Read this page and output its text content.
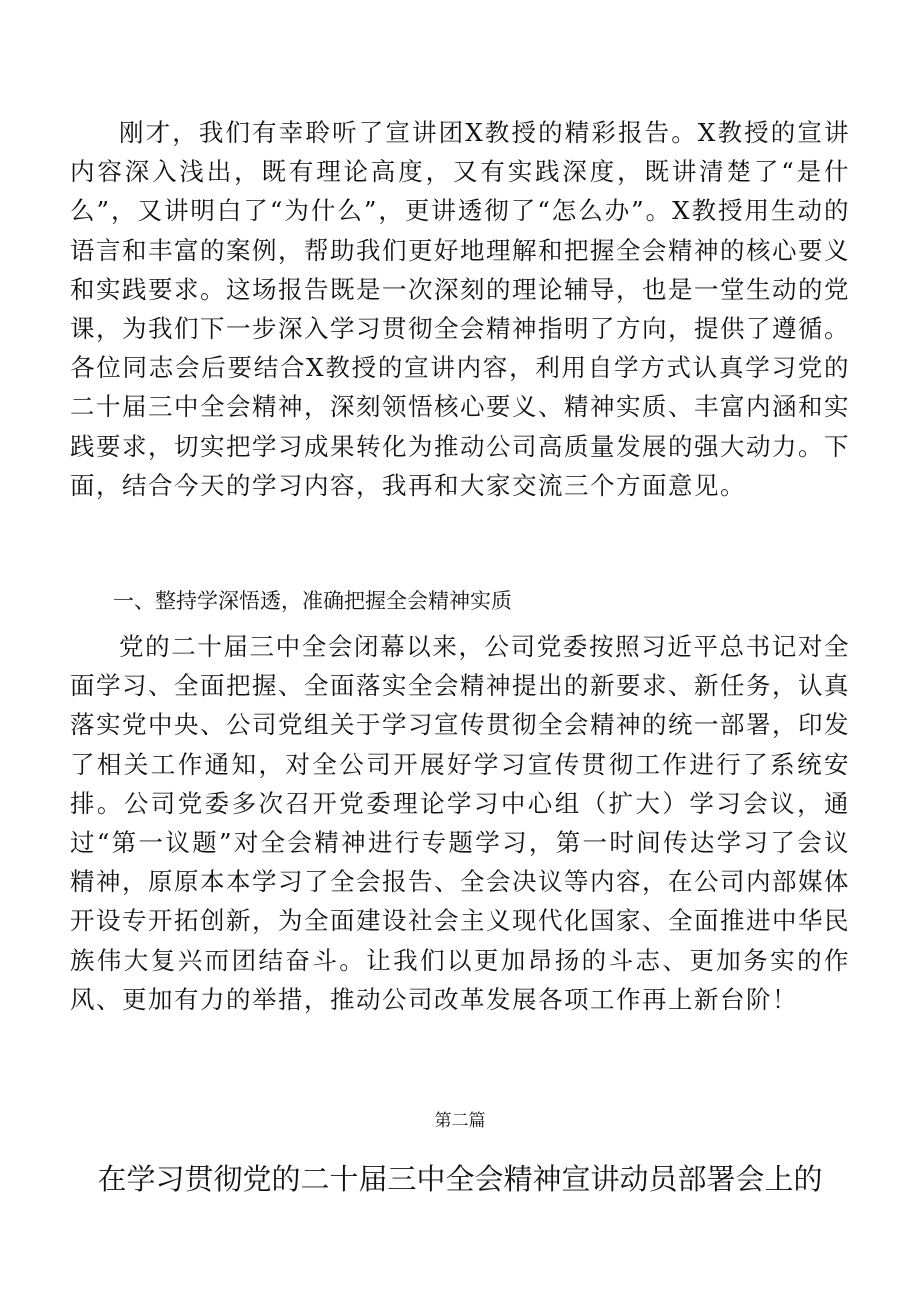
刚才，我们有幸聆听了宣讲团X教授的精彩报告。X教授的宣讲内容深入浅出，既有理论高度，又有实践深度，既讲清楚了“是什么”，又讲明白了“为什么”，更讲透彻了“怎么办”。X教授用生动的语言和丰富的案例，帮助我们更好地理解和把握全会精神的核心要义和实践要求。这场报告既是一次深刻的理论辅导，也是一堂生动的党课，为我们下一步深入学习贯彻全会精神指明了方向，提供了遵循。各位同志会后要结合X教授的宣讲内容，利用自学方式认真学习党的二十届三中全会精神，深刻领悟核心要义、精神实质、丰富内涵和实践要求，切实把学习成果转化为推动公司高质量发展的强大动力。下面，结合今天的学习内容，我再和大家交流三个方面意见。

一、整持学深悟透，准确把握全会精神实质

党的二十届三中全会闭幕以来，公司党委按照习近平总书记对全面学习、全面把握、全面落实全会精神提出的新要求、新任务，认真落实党中央、公司党组关于学习宣传贯彻全会精神的统一部署，印发了相关工作通知，对全公司开展好学习宣传贯彻工作进行了系统安排。公司党委多次召开党委理论学习中心组（扩大）学习会议，通过“第一议题”对全会精神进行专题学习，第一时间传达学习了会议精神，原原本本学习了全会报告、全会决议等内容，在公司内部媒体开设专开拓创新，为全面建设社会主义现代化国家、全面推进中华民族伟大复兴而团结奋斗。让我们以更加昂扬的斗志、更加务实的作风、更加有力的举措，推动公司改革发展各项工作再上新台阶！

第二篇

在学习贯彻党的二十届三中全会精神宣讲动员部署会上的
